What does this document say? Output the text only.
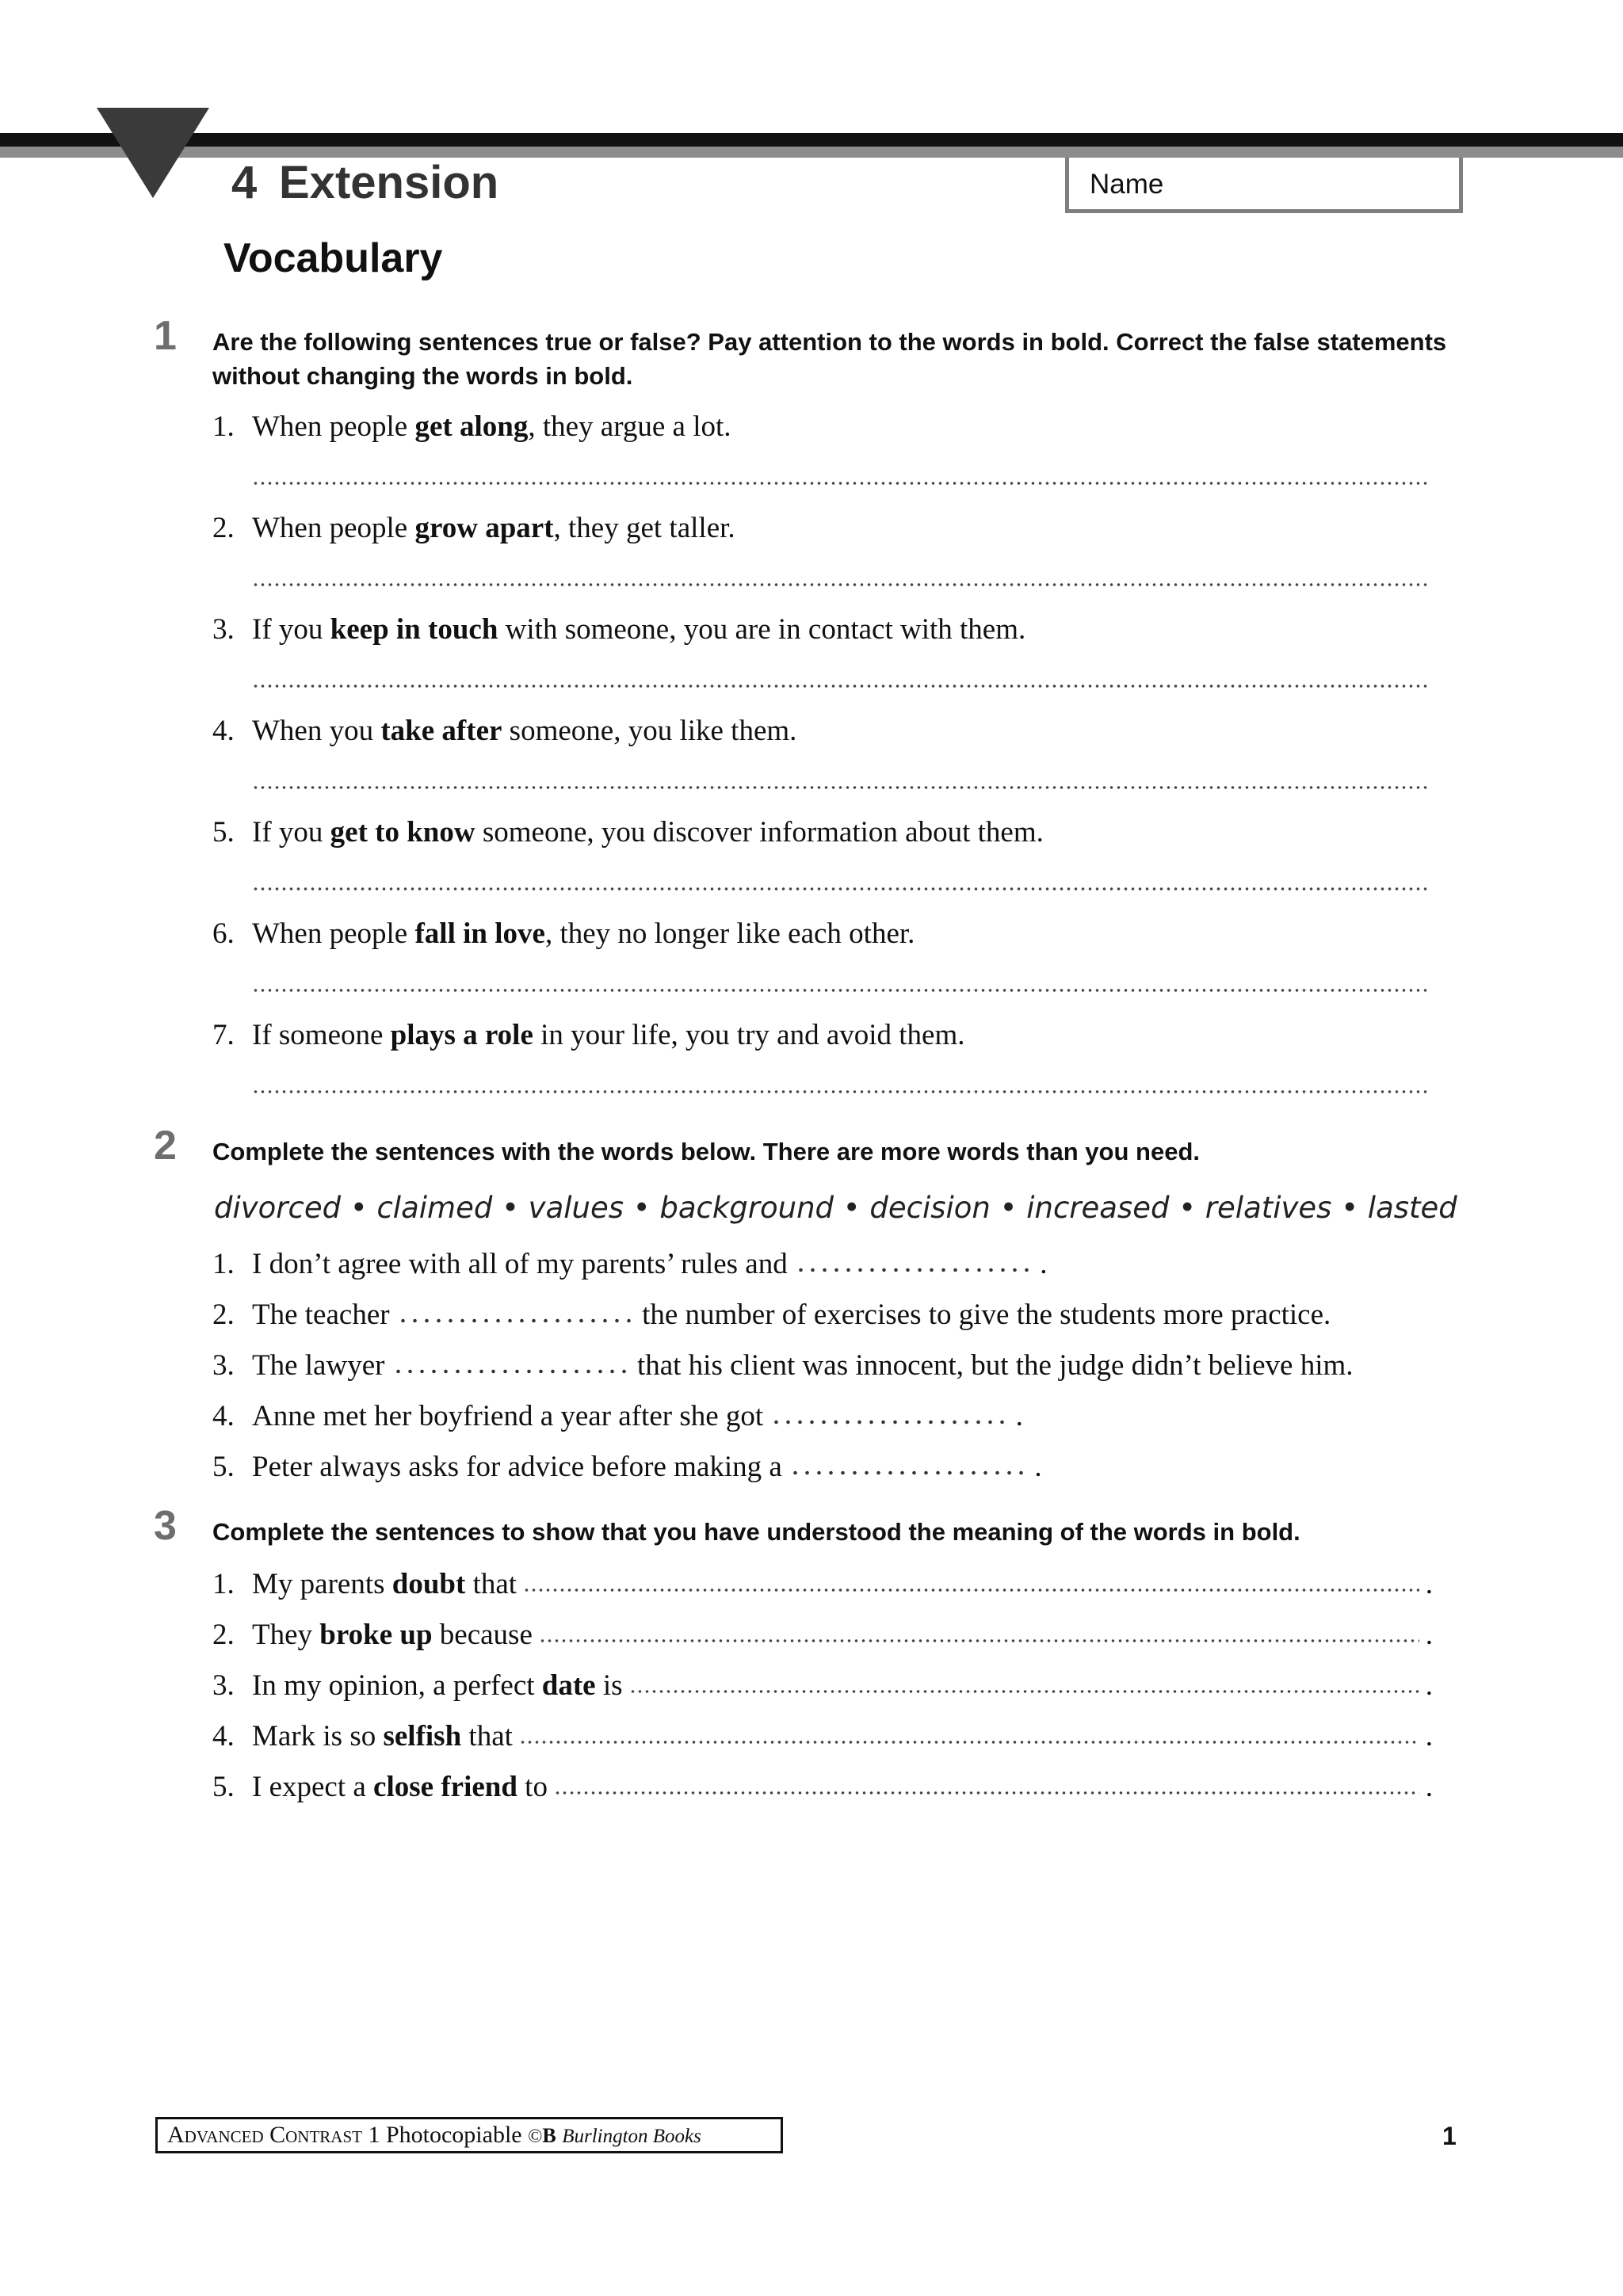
4 Extension	Name
Vocabulary
1 Are the following sentences true or false? Pay attention to the words in bold. Correct the false statements without changing the words in bold.
1. When people get along, they argue a lot.
2. When people grow apart, they get taller.
3. If you keep in touch with someone, you are in contact with them.
4. When you take after someone, you like them.
5. If you get to know someone, you discover information about them.
6. When people fall in love, they no longer like each other.
7. If someone plays a role in your life, you try and avoid them.
2 Complete the sentences with the words below. There are more words than you need.
divorced • claimed • values • background • decision • increased • relatives • lasted
1. I don’t agree with all of my parents’ rules and	.
2. The teacher	the number of exercises to give the students more practice.
3. The lawyer	that his client was innocent, but the judge didn’t believe him.
4. Anne met her boyfriend a year after she got	.
5. Peter always asks for advice before making a	.
3 Complete the sentences to show that you have understood the meaning of the words in bold.
1. My parents doubt that	.
2. They broke up because	.
3. In my opinion, a perfect date is	.
4. Mark is so selfish that	.
5. I expect a close friend to	.
Advanced Contrast 1 Photocopiable ©B Burlington Books	1
